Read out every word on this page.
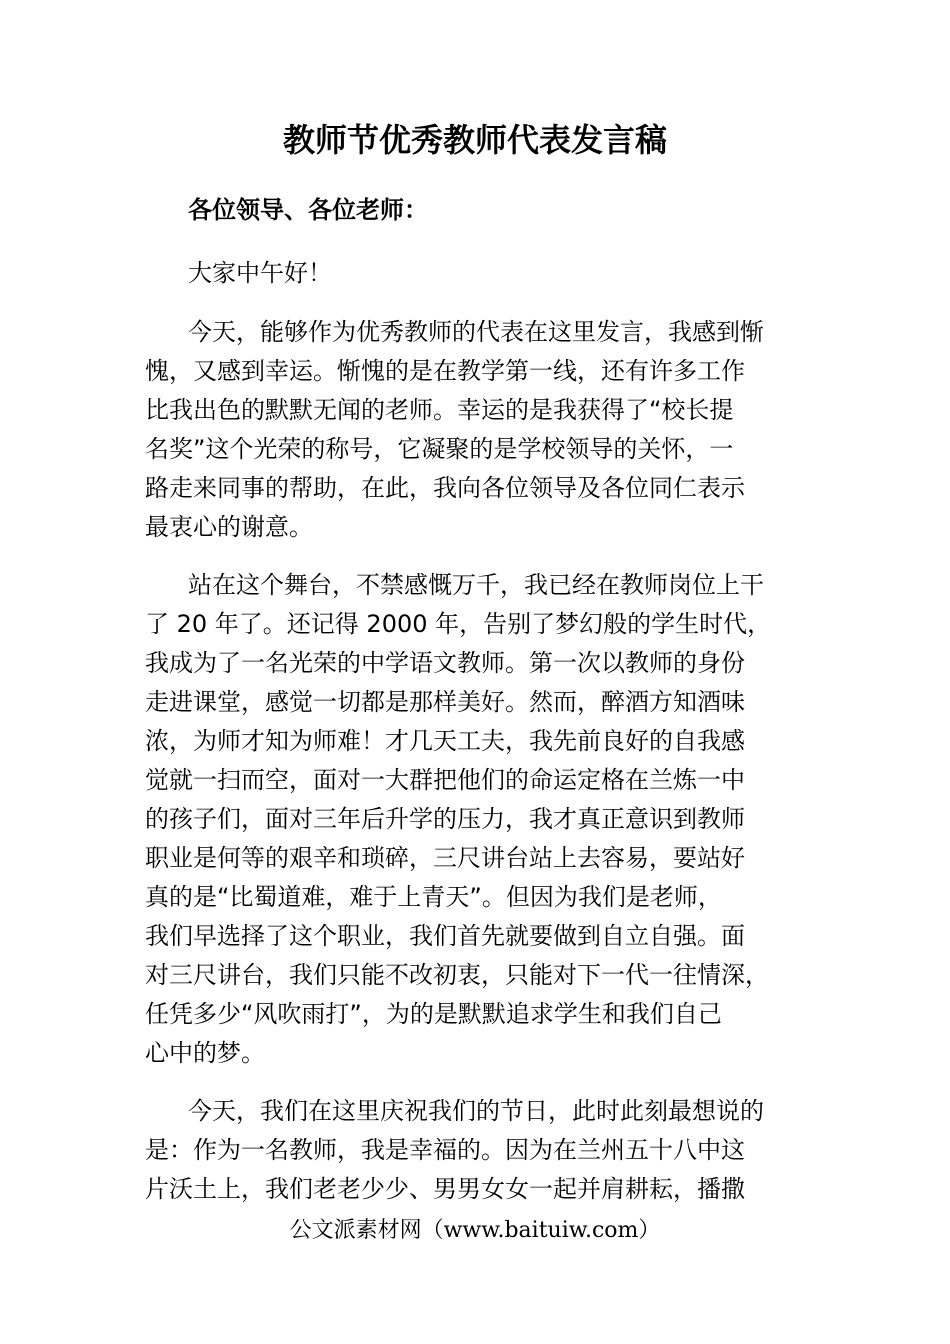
教师节优秀教师代表发言稿
各位领导、各位老师：
大家中午好！
今天，能够作为优秀教师的代表在这里发言，我感到惭
愧，又感到幸运。惭愧的是在教学第一线，还有许多工作
比我出色的默默无闻的老师。幸运的是我获得了“校长提
名奖”这个光荣的称号，它凝聚的是学校领导的关怀，一
路走来同事的帮助，在此，我向各位领导及各位同仁表示
最衷心的谢意。
站在这个舞台，不禁感慨万千，我已经在教师岗位上干
了 20 年了。还记得 2000 年，告别了梦幻般的学生时代，
我成为了一名光荣的中学语文教师。第一次以教师的身份
走进课堂，感觉一切都是那样美好。然而，醉酒方知酒味
浓，为师才知为师难！才几天工夫，我先前良好的自我感
觉就一扫而空，面对一大群把他们的命运定格在兰炼一中
的孩子们，面对三年后升学的压力，我才真正意识到教师
职业是何等的艰辛和琐碎，三尺讲台站上去容易，要站好
真的是“比蜀道难，难于上青天”。但因为我们是老师，
我们早选择了这个职业，我们首先就要做到自立自强。面
对三尺讲台，我们只能不改初衷，只能对下一代一往情深，
任凭多少“风吹雨打”，为的是默默追求学生和我们自己
心中的梦。
今天，我们在这里庆祝我们的节日，此时此刻最想说的
是：作为一名教师，我是幸福的。因为在兰州五十八中这
片沃土上，我们老老少少、男男女女一起并肩耕耘，播撒
公文派素材网（www.baituiw.com）
